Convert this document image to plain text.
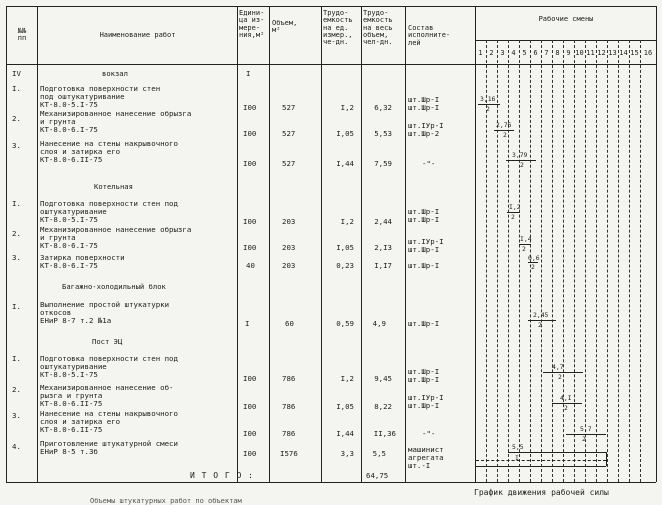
№№
пп	Наименование работ
Едини-
ца из-
мере-
ния,м²
Объем,
м²
Трудо-
емкость
на ед.
измер.,
че-дн.
Трудо-
емкость
на весь
объем,
чел-дн.
Состав
исполните-
лей
Рабочие смены
1 2 3 4 5 6 7 8 9 10 11 12 13 14 15 16
IV	вокзал	I
I.	Подготовка поверхности стен
под оштукатуривание
КТ-8.0-5.I-75	I00	527	I,2	6,32
шт.Шр-I
шт.Шр-I
2.
Механизированное нанесение обрызга
и грунта
КТ-8.0-6.I-75	I00	527	I,05	5,53
шт.IУр-I
шт.Шр-2
3.	Нанесение на стены накрывочного
слоя и затирка его
КТ-8.0-6.II-75	I00	527	I,44	7,59	-"-
Котельная
I.	Подготовка поверхности стен под
оштукатуривание
КТ-8.0-5.I-75	I00	203	I,2	2,44
шт.Шр-I
шт.Шр-I
2.	Механизированное нанесение обрызга
и грунта
КТ-8.0-6.I-75	I00	203	I,05	2,I3
шт.IУр-I
шт.Шр-I
3.	Затирка поверхности
КТ-8.0-6.I-75	40	203	0,23	I,I7 шт.Шр-I
Багажно-холодильный блок
I.	Выполнение простой штукатурки
откосов
ЕНиР 8-7 т.2 №1а	I	60	0,59	4,9	шт.Шр-I
Пост ЭЦ
I.	Подготовка поверхности стен под
оштукатуривание
КТ-8.0-5.I-75	I00	786	I,2	9,45
шт.Шр-I
шт.Шр-I
2.	Механизированное нанесение об-
рызга и грунта
КТ-8.0-6.II-75	I00	786	I,05	8,22
шт.IУр-I
шт.Шр-I
3.	Нанесение на стены накрывочного
слоя и затирка его
КТ-8.0-6.II-75	I00	786	I,44	II,36	-"-
4.	Приготовление штукатурной смеси
ЕНиР 8-5 т.3б	I00	I576	3,3	5,5	машинист
агрегата
шт.-I
И Т О Г О :	64,75
3,16
2
2,76
2
3,79
2
I,2
2
I,4
2
0,6
2
2,45
2
4,7
2
4,I
2
5,7
2
5,5
I
График движения рабочей силы
Объемы штукатурных работ по объектам
